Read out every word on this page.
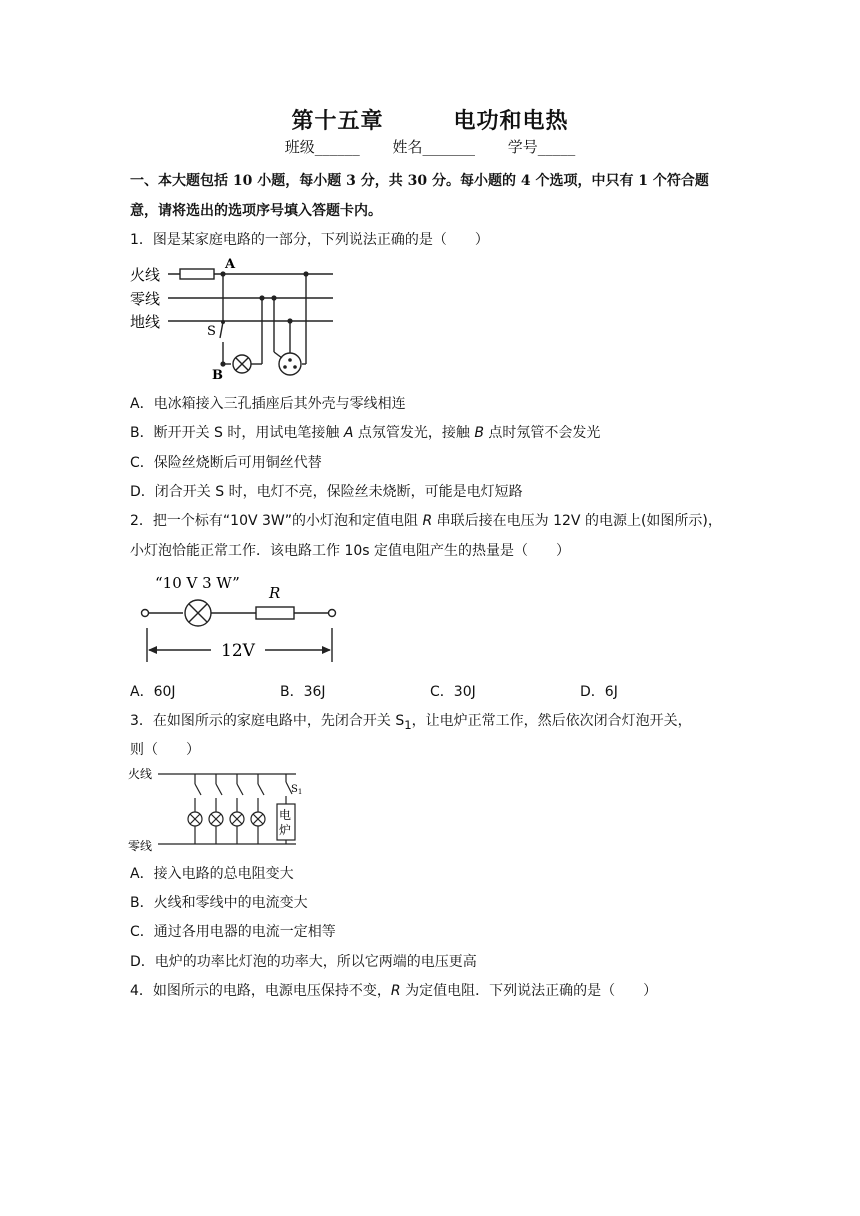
第十五章	电功和电热
班级______ 姓名_______ 学号_____
一、本大题包括 10 小题，每小题 3 分，共 30 分。每小题的 4 个选项，中只有 1 个符合题
意，请将选出的选项序号填入答题卡内。
1．图是某家庭电路的一部分，下列说法正确的是（　　）
火线
零线
地线
A
S
B
A．电冰箱接入三孔插座后其外壳与零线相连
B．断开开关 S 时，用试电笔接触 A 点氖管发光，接触 B 点时氖管不会发光
C．保险丝烧断后可用铜丝代替
D．闭合开关 S 时，电灯不亮，保险丝未烧断，可能是电灯短路
2．把一个标有“10V 3W”的小灯泡和定值电阻 R 串联后接在电压为 12V 的电源上(如图所示)，
小灯泡恰能正常工作．该电路工作 10s 定值电阻产生的热量是（　　）
“10 V 3 W”
R
12V
A．60J	B．36J	C．30J	D．6J
3．在如图所示的家庭电路中，先闭合开关 $S_1$，让电炉正常工作，然后依次闭合灯泡开关，
则（　　）
火线
零线
$S_1$
电
炉
A．接入电路的总电阻变大
B．火线和零线中的电流变大
C．通过各用电器的电流一定相等
D．电炉的功率比灯泡的功率大，所以它两端的电压更高
4．如图所示的电路，电源电压保持不变，R 为定值电阻．下列说法正确的是（　　）
